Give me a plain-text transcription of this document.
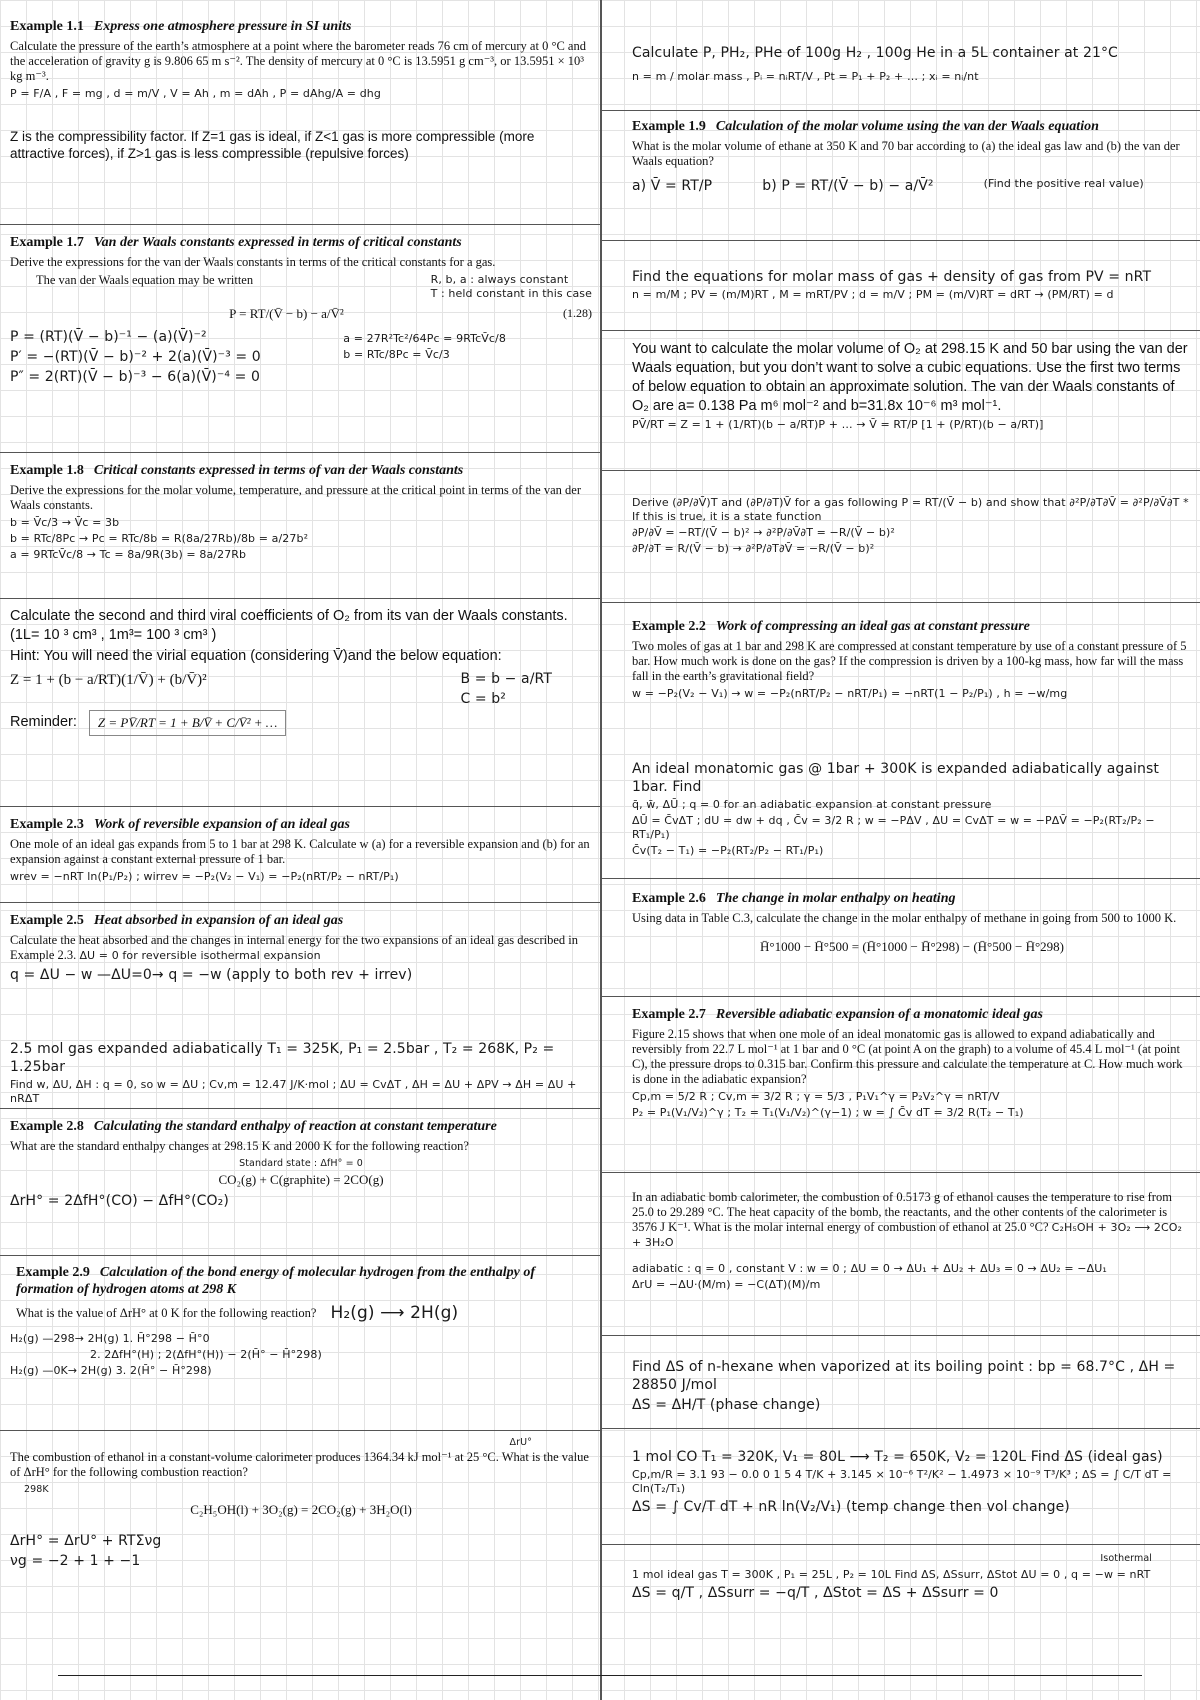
Example 1.1 Express one atmosphere pressure in SI units

Calculate the pressure of the earth’s atmosphere at a point where the barometer reads 76 cm of mercury at 0 °C and the acceleration of gravity g is 9.806 65 m s⁻². The density of mercury at 0 °C is 13.5951 g cm⁻³, or 13.5951 × 10³ kg m⁻³.

P = F/A , F = mg , d = m/V , V = Ah , m = dAh , P = dAhg/A = dhg

Z is the compressibility factor. If Z=1 gas is ideal, if Z<1 gas is more compressible (more attractive forces), if Z>1 gas is less compressible (repulsive forces)

Example 1.7 Van der Waals constants expressed in terms of critical constants

Derive the expressions for the van der Waals constants in terms of the critical constants for a gas.

The van der Waals equation may be written	R, b, a : always constant

T : held constant in this case

P = RT/(V̄ − b) − a/V̄²	(1.28)

P = (RT)(V̄ − b)⁻¹ − (a)(V̄)⁻²

P′ = −(RT)(V̄ − b)⁻² + 2(a)(V̄)⁻³ = 0

P″ = 2(RT)(V̄ − b)⁻³ − 6(a)(V̄)⁻⁴ = 0

a = 27R²Tc²/64Pc = 9RTcV̄c/8

b = RTc/8Pc = V̄c/3

Example 1.8 Critical constants expressed in terms of van der Waals constants

Derive the expressions for the molar volume, temperature, and pressure at the critical point in terms of the van der Waals constants.

b = V̄c/3 → V̄c = 3b

b = RTc/8Pc → Pc = RTc/8b = R(8a/27Rb)/8b = a/27b²

a = 9RTcV̄c/8 → Tc = 8a/9R(3b) = 8a/27Rb

Calculate the second and third viral coefficients of O₂ from its van der Waals constants. (1L= 10 ³ cm³ , 1m³= 100 ³ cm³ )

Hint: You will need the virial equation (considering V̄)and the below equation:

Z = 1 + (b − a/RT)(1/V̄) + (b/V̄)²	B = b − a/RT

C = b²

Reminder:	Z = PV̄/RT = 1 + B/V̄ + C/V̄² + …

Example 2.3 Work of reversible expansion of an ideal gas

One mole of an ideal gas expands from 5 to 1 bar at 298 K. Calculate w (a) for a reversible expansion and (b) for an expansion against a constant external pressure of 1 bar.

wrev = −nRT ln(P₁/P₂) ; wirrev = −P₂(V₂ − V₁) = −P₂(nRT/P₂ − nRT/P₁)

Example 2.5 Heat absorbed in expansion of an ideal gas

Calculate the heat absorbed and the changes in internal energy for the two expansions of an ideal gas described in Example 2.3. ΔU = 0 for reversible isothermal expansion

q = ΔU − w —ΔU=0→ q = −w (apply to both rev + irrev)

2.5 mol gas expanded adiabatically T₁ = 325K, P₁ = 2.5bar , T₂ = 268K, P₂ = 1.25bar

Find w, ΔU, ΔH : q = 0, so w = ΔU ; Cv,m = 12.47 J/K·mol ; ΔU = CvΔT , ΔH = ΔU + ΔPV → ΔH = ΔU + nRΔT

Example 2.8 Calculating the standard enthalpy of reaction at constant temperature

What are the standard enthalpy changes at 298.15 K and 2000 K for the following reaction?

Standard state : ΔfH° = 0

CO₂(g) + C(graphite) = 2CO(g)

ΔrH° = 2ΔfH°(CO) − ΔfH°(CO₂)

Example 2.9 Calculation of the bond energy of molecular hydrogen from the enthalpy of formation of hydrogen atoms at 298 K

What is the value of ΔrH° at 0 K for the following reaction? H₂(g) ⟶ 2H(g)

H₂(g) —298→ 2H(g) 1. H̄°298 − H̄°0

2. 2ΔfH°(H) ; 2(ΔfH°(H)) − 2(H̄° − H̄°298)

H₂(g) —0K→ 2H(g) 3. 2(H̄° − H̄°298)

ΔrU°

The combustion of ethanol in a constant-volume calorimeter produces 1364.34 kJ mol⁻¹ at 25 °C. What is the value of ΔrH° for the following combustion reaction?

298K

C₂H₅OH(l) + 3O₂(g) = 2CO₂(g) + 3H₂O(l)

ΔrH° = ΔrU° + RTΣνg

νg = −2 + 1 + −1

Calculate P, PH₂, PHe of 100g H₂ , 100g He in a 5L container at 21°C

n = m / molar mass , Pᵢ = nᵢRT/V , Pt = P₁ + P₂ + … ; xᵢ = nᵢ/nt

Example 1.9 Calculation of the molar volume using the van der Waals equation

What is the molar volume of ethane at 350 K and 70 bar according to (a) the ideal gas law and (b) the van der Waals equation?

a) V̄ = RT/P	b) P = RT/(V̄ − b) − a/V̄²	(Find the positive real value)

Find the equations for molar mass of gas + density of gas from PV = nRT

n = m/M ; PV = (m/M)RT , M = mRT/PV ; d = m/V ; PM = (m/V)RT = dRT → (PM/RT) = d

You want to calculate the molar volume of O₂ at 298.15 K and 50 bar using the van der Waals equation, but you don’t want to solve a cubic equations. Use the first two terms of below equation to obtain an approximate solution. The van der Waals constants of O₂ are a= 0.138 Pa m⁶ mol⁻² and b=31.8x 10⁻⁶ m³ mol⁻¹.

PV̄/RT = Z = 1 + (1/RT)(b − a/RT)P + … → V̄ = RT/P [1 + (P/RT)(b − a/RT)]

Derive (∂P/∂V̄)T and (∂P/∂T)V̄ for a gas following P = RT/(V̄ − b) and show that ∂²P/∂T∂V̄ = ∂²P/∂V̄∂T * If this is true, it is a state function

∂P/∂V̄ = −RT/(V̄ − b)² → ∂²P/∂V̄∂T = −R/(V̄ − b)²

∂P/∂T = R/(V̄ − b) → ∂²P/∂T∂V̄ = −R/(V̄ − b)²

Example 2.2 Work of compressing an ideal gas at constant pressure

Two moles of gas at 1 bar and 298 K are compressed at constant temperature by use of a constant pressure of 5 bar. How much work is done on the gas? If the compression is driven by a 100-kg mass, how far will the mass fall in the earth’s gravitational field?

w = −P₂(V₂ − V₁) → w = −P₂(nRT/P₂ − nRT/P₁) = −nRT(1 − P₂/P₁) , h = −w/mg

An ideal monatomic gas @ 1bar + 300K is expanded adiabatically against 1bar. Find

q̄, w̄, ΔŪ ; q = 0 for an adiabatic expansion at constant pressure

ΔŪ = C̄vΔT ; dU = dw + dq , C̄v = 3/2 R ; w = −PΔV , ΔU = CvΔT = w = −PΔV̄ = −P₂(RT₂/P₂ − RT₁/P₁)

C̄v(T₂ − T₁) = −P₂(RT₂/P₂ − RT₁/P₁)

Example 2.6 The change in molar enthalpy on heating

Using data in Table C.3, calculate the change in the molar enthalpy of methane in going from 500 to 1000 K.

H̄°1000 − H̄°500 = (H̄°1000 − H̄°298) − (H̄°500 − H̄°298)

Example 2.7 Reversible adiabatic expansion of a monatomic ideal gas

Figure 2.15 shows that when one mole of an ideal monatomic gas is allowed to expand adiabatically and reversibly from 22.7 L mol⁻¹ at 1 bar and 0 °C (at point A on the graph) to a volume of 45.4 L mol⁻¹ (at point C), the pressure drops to 0.315 bar. Confirm this pressure and calculate the temperature at C. How much work is done in the adiabatic expansion?

Cp,m = 5/2 R ; Cv,m = 3/2 R ; γ = 5/3 , P₁V₁^γ = P₂V₂^γ = nRT/V

P₂ = P₁(V₁/V₂)^γ ; T₂ = T₁(V₁/V₂)^(γ−1) ; w = ∫ C̄v dT = 3/2 R(T₂ − T₁)

In an adiabatic bomb calorimeter, the combustion of 0.5173 g of ethanol causes the temperature to rise from 25.0 to 29.289 °C. The heat capacity of the bomb, the reactants, and the other contents of the calorimeter is 3576 J K⁻¹. What is the molar internal energy of combustion of ethanol at 25.0 °C? C₂H₅OH + 3O₂ ⟶ 2CO₂ + 3H₂O

adiabatic : q = 0 , constant V : w = 0 ; ΔU = 0 → ΔU₁ + ΔU₂ + ΔU₃ = 0 → ΔU₂ = −ΔU₁

ΔrU = −ΔU·(M/m) = −C(ΔT)(M)/m

Find ΔS of n-hexane when vaporized at its boiling point : bp = 68.7°C , ΔH = 28850 J/mol

ΔS = ΔH/T (phase change)

1 mol CO T₁ = 320K, V₁ = 80L ⟶ T₂ = 650K, V₂ = 120L Find ΔS (ideal gas)

Cp,m/R = 3.1 93 − 0.0 0 1 5 4 T/K + 3.145 × 10⁻⁶ T²/K² − 1.4973 × 10⁻⁹ T³/K³ ; ΔS = ∫ C/T dT = Cln(T₂/T₁)

ΔS = ∫ Cv/T dT + nR ln(V₂/V₁) (temp change then vol change)

Isothermal

1 mol ideal gas T = 300K , P₁ = 25L , P₂ = 10L Find ΔS, ΔSsurr, ΔStot ΔU = 0 , q = −w = nRT

ΔS = q/T , ΔSsurr = −q/T , ΔStot = ΔS + ΔSsurr = 0
